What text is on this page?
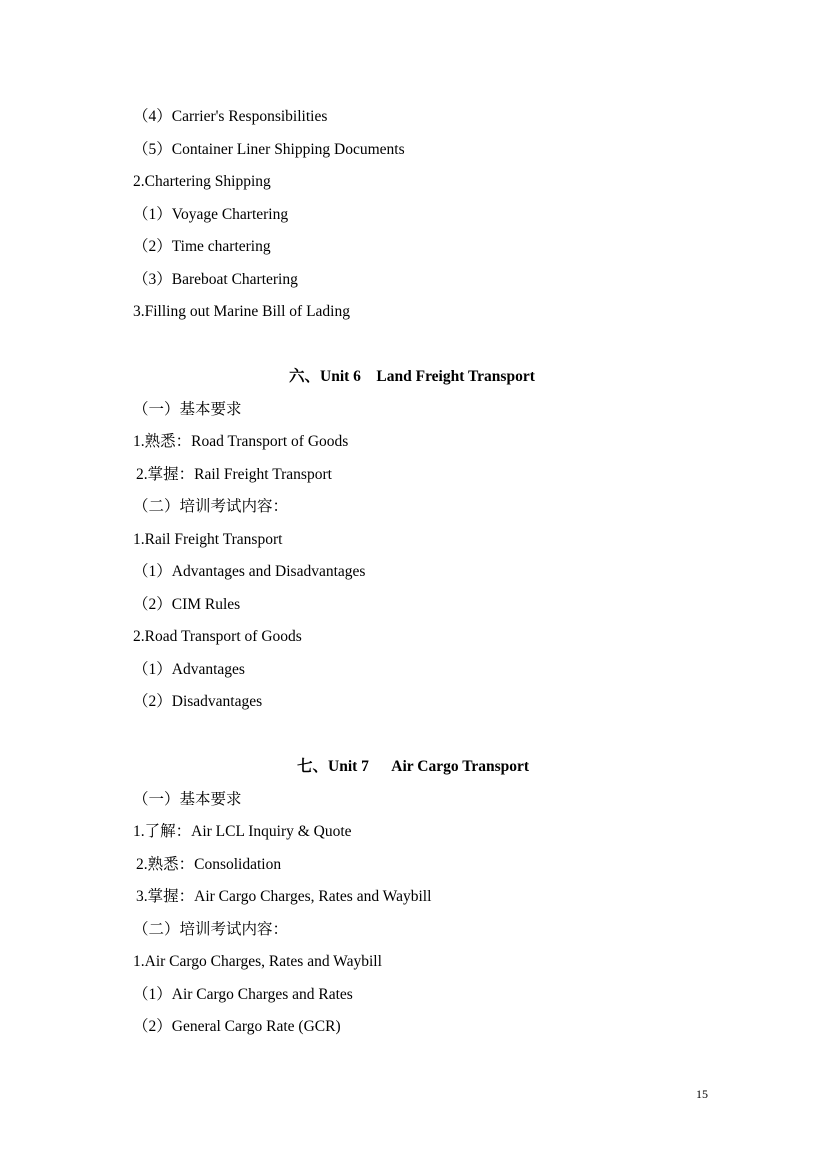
（4）Carrier's Responsibilities
（5）Container Liner Shipping Documents
2.Chartering Shipping
（1）Voyage Chartering
（2）Time chartering
（3）Bareboat Chartering
3.Filling out Marine Bill of Lading
六、Unit 6    Land Freight Transport
（一）基本要求
1.熟悉：Road Transport of Goods
2.掌握：Rail Freight Transport
（二）培训考试内容：
1.Rail Freight Transport
（1）Advantages and Disadvantages
（2）CIM Rules
2.Road Transport of Goods
（1）Advantages
（2）Disadvantages
七、Unit 7      Air Cargo Transport
（一）基本要求
1.了解：Air LCL Inquiry & Quote
2.熟悉：Consolidation
3.掌握：Air Cargo Charges, Rates and Waybill
（二）培训考试内容：
1.Air Cargo Charges, Rates and Waybill
（1）Air Cargo Charges and Rates
（2）General Cargo Rate (GCR)
15
